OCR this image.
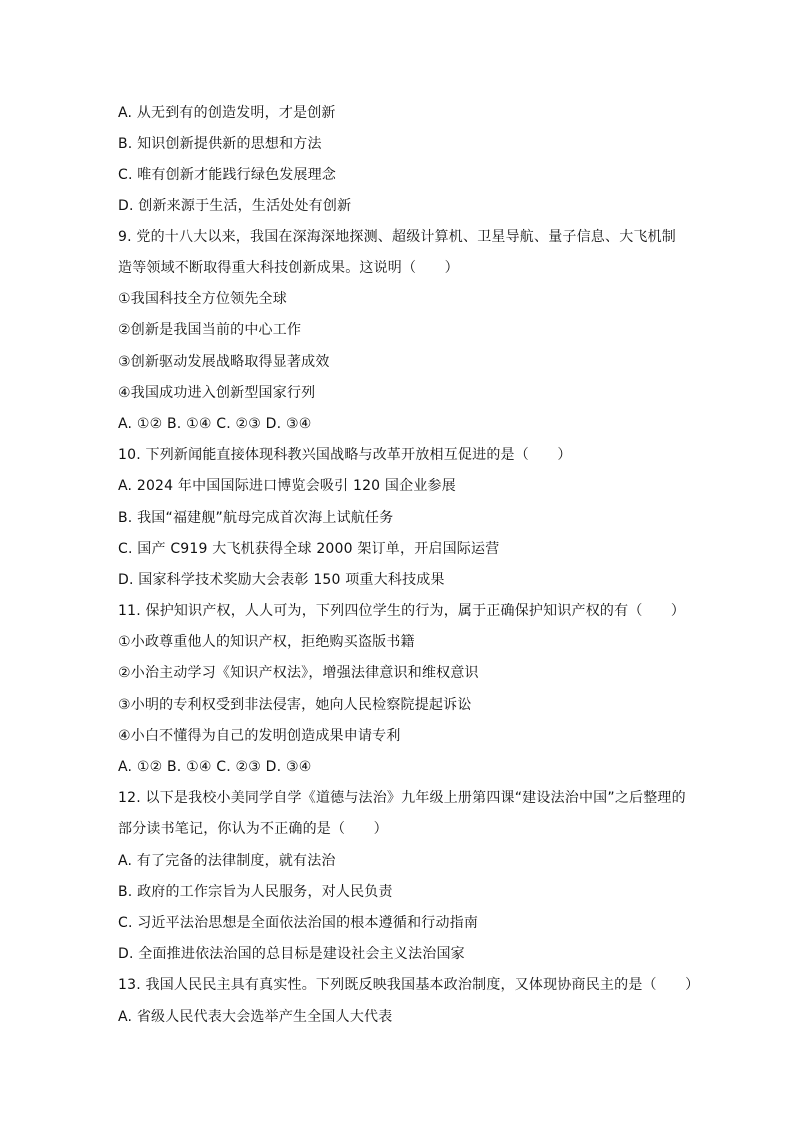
A. 从无到有的创造发明，才是创新
B. 知识创新提供新的思想和方法
C. 唯有创新才能践行绿色发展理念
D. 创新来源于生活，生活处处有创新
9. 党的十八大以来，我国在深海深地探测、超级计算机、卫星导航、量子信息、大飞机制
造等领域不断取得重大科技创新成果。这说明（　　）
①我国科技全方位领先全球
②创新是我国当前的中心工作
③创新驱动发展战略取得显著成效
④我国成功进入创新型国家行列
A. ①② B. ①④ C. ②③ D. ③④
10. 下列新闻能直接体现科教兴国战略与改革开放相互促进的是（　　）
A. 2024 年中国国际进口博览会吸引 120 国企业参展
B. 我国“福建舰”航母完成首次海上试航任务
C. 国产 C919 大飞机获得全球 2000 架订单，开启国际运营
D. 国家科学技术奖励大会表彰 150 项重大科技成果
11. 保护知识产权，人人可为，下列四位学生的行为，属于正确保护知识产权的有（　　）
①小政尊重他人的知识产权，拒绝购买盗版书籍
②小治主动学习《知识产权法》，增强法律意识和维权意识
③小明的专利权受到非法侵害，她向人民检察院提起诉讼
④小白不懂得为自己的发明创造成果申请专利
A. ①② B. ①④ C. ②③ D. ③④
12. 以下是我校小美同学自学《道德与法治》九年级上册第四课“建设法治中国”之后整理的
部分读书笔记，你认为不正确的是（　　）
A. 有了完备的法律制度，就有法治
B. 政府的工作宗旨为人民服务，对人民负责
C. 习近平法治思想是全面依法治国的根本遵循和行动指南
D. 全面推进依法治国的总目标是建设社会主义法治国家
13. 我国人民民主具有真实性。下列既反映我国基本政治制度，又体现协商民主的是（　　）
A. 省级人民代表大会选举产生全国人大代表
